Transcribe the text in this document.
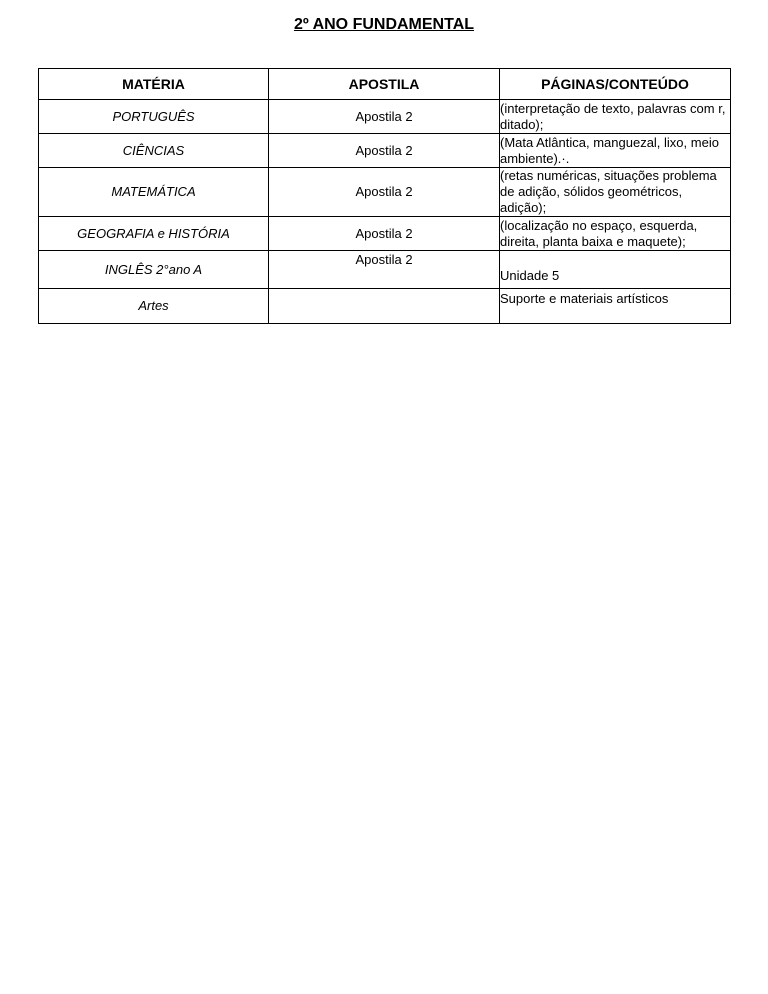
2º ANO FUNDAMENTAL
MATÉRIA	APOSTILA	PÁGINAS/CONTEÚDO
PORTUGUÊS	Apostila 2	(interpretação de texto, palavras com r, ditado);
CIÊNCIAS	Apostila 2	(Mata Atlântica, manguezal, lixo, meio ambiente).·.
MATEMÁTICA	Apostila 2	(retas numéricas, situações problema de adição, sólidos geométricos, adição);
GEOGRAFIA e HISTÓRIA	Apostila 2	(localização no espaço, esquerda, direita, planta baixa e maquete);
INGLÊS 2°ano A	Apostila 2	Unidade 5
Artes		Suporte e materiais artísticos
